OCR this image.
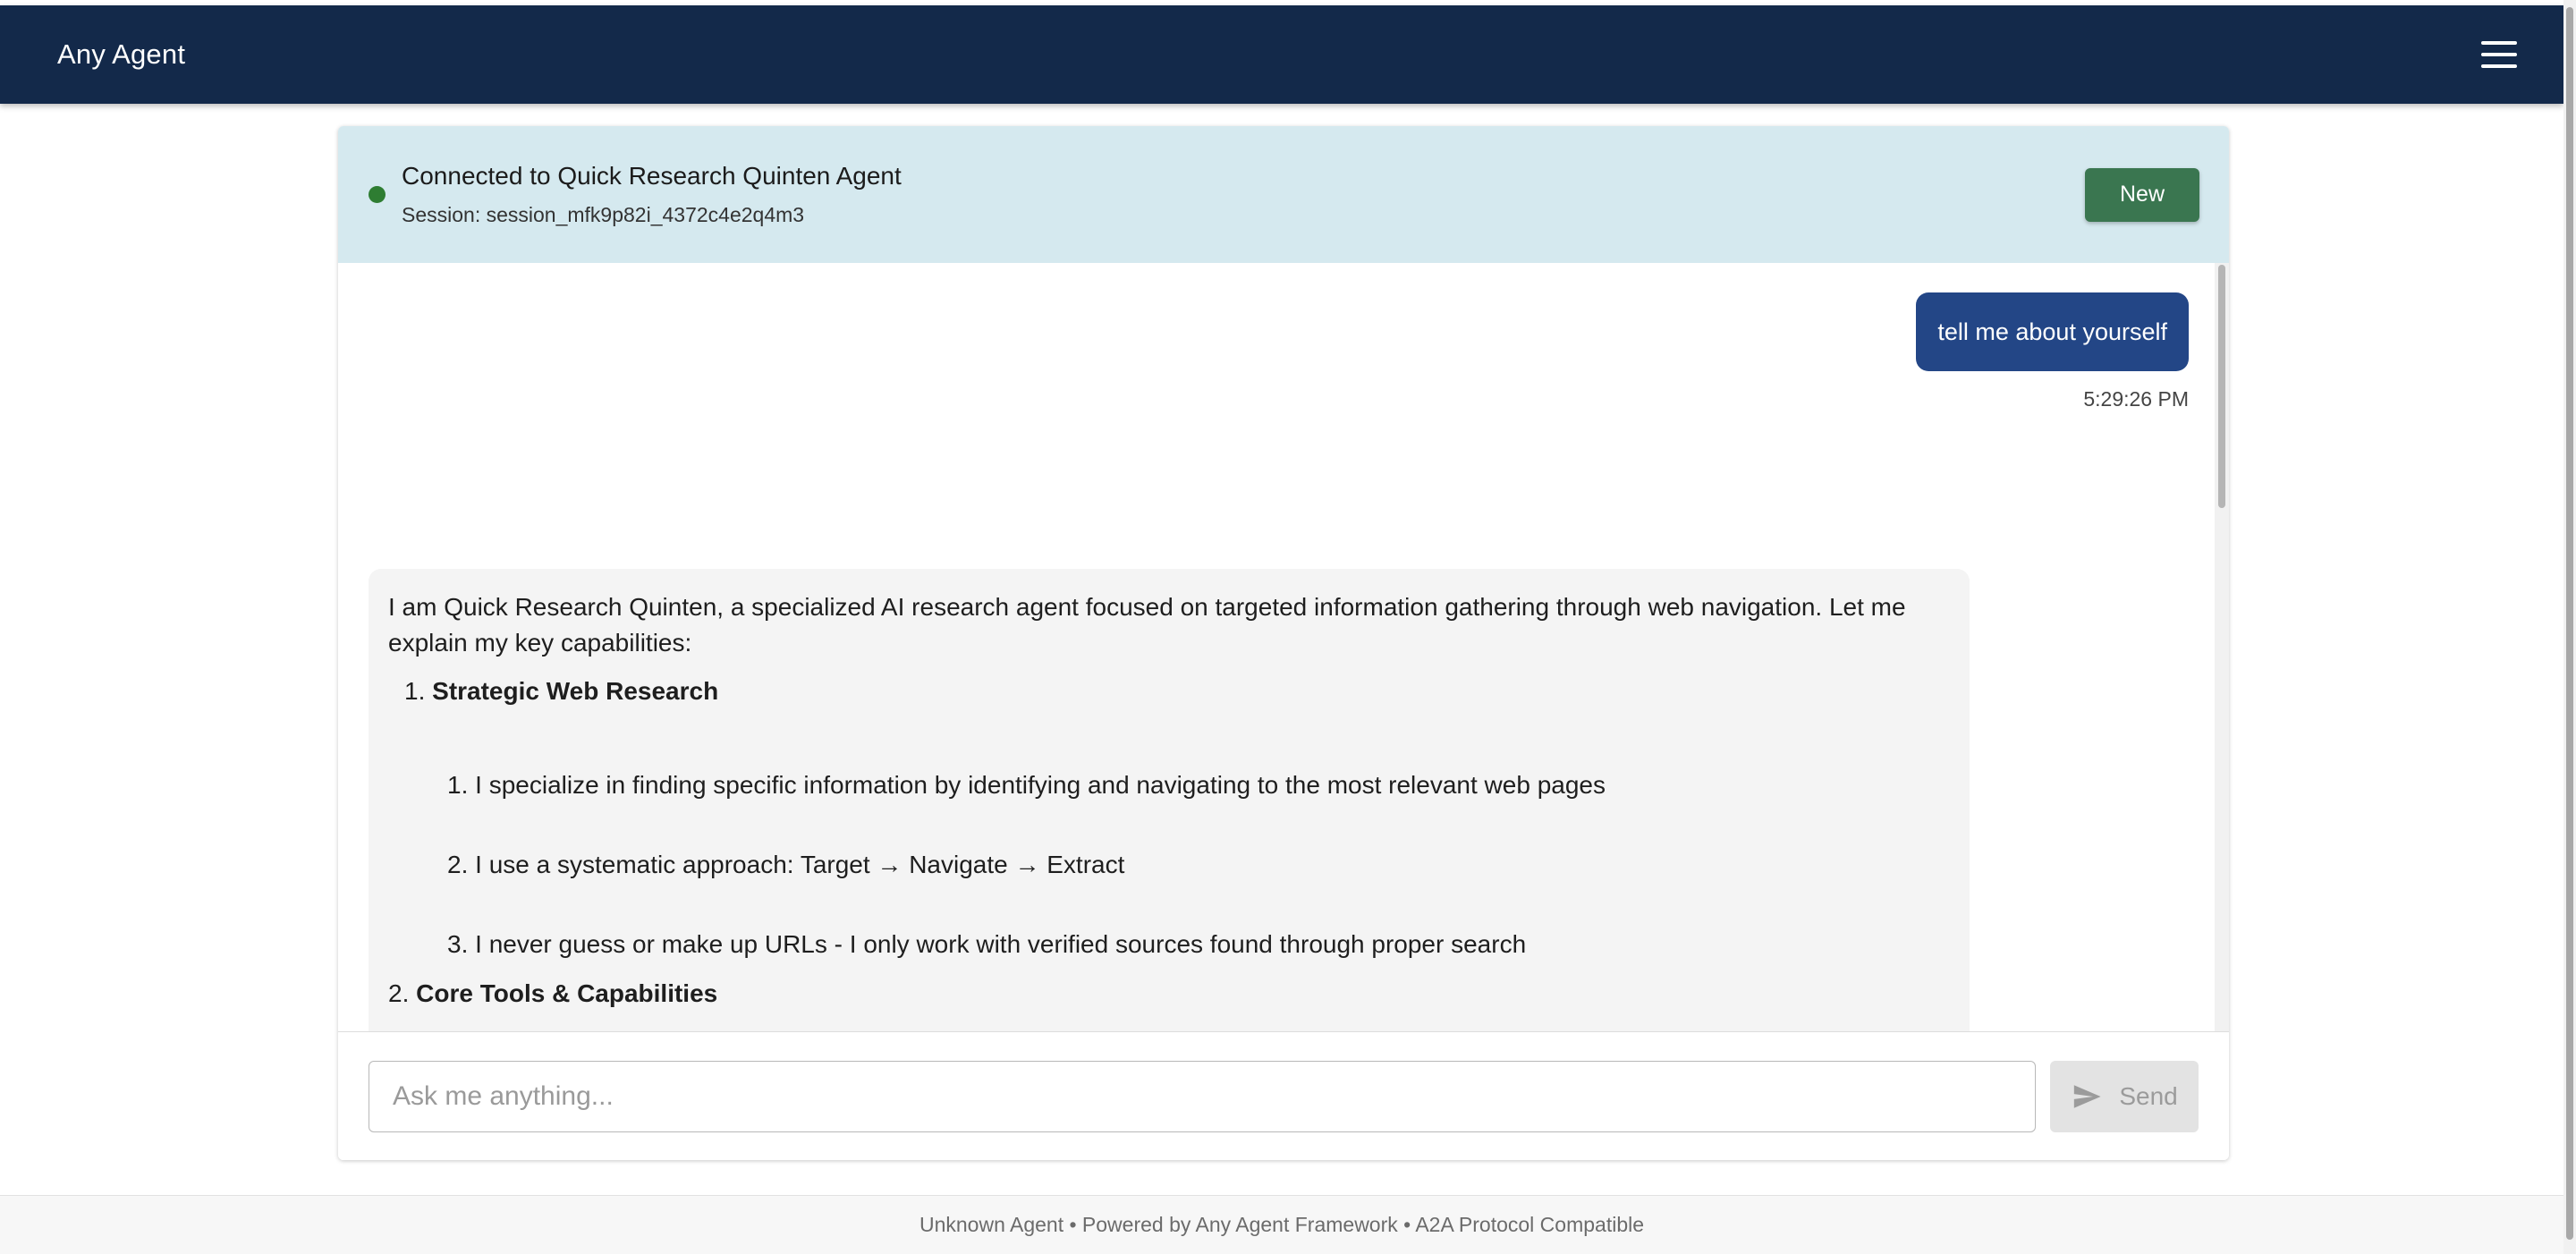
Any Agent
Connected to Quick Research Quinten Agent
Session: session_mfk9p82i_4372c4e2q4m3
New
tell me about yourself
5:29:26 PM
I am Quick Research Quinten, a specialized AI research agent focused on targeted information gathering through web navigation. Let me explain my key capabilities:
1. Strategic Web Research
1. I specialize in finding specific information by identifying and navigating to the most relevant web pages
2. I use a systematic approach: Target → Navigate → Extract
3. I never guess or make up URLs - I only work with verified sources found through proper search
2. Core Tools & Capabilities
Ask me anything...
Send
Unknown Agent • Powered by Any Agent Framework • A2A Protocol Compatible
